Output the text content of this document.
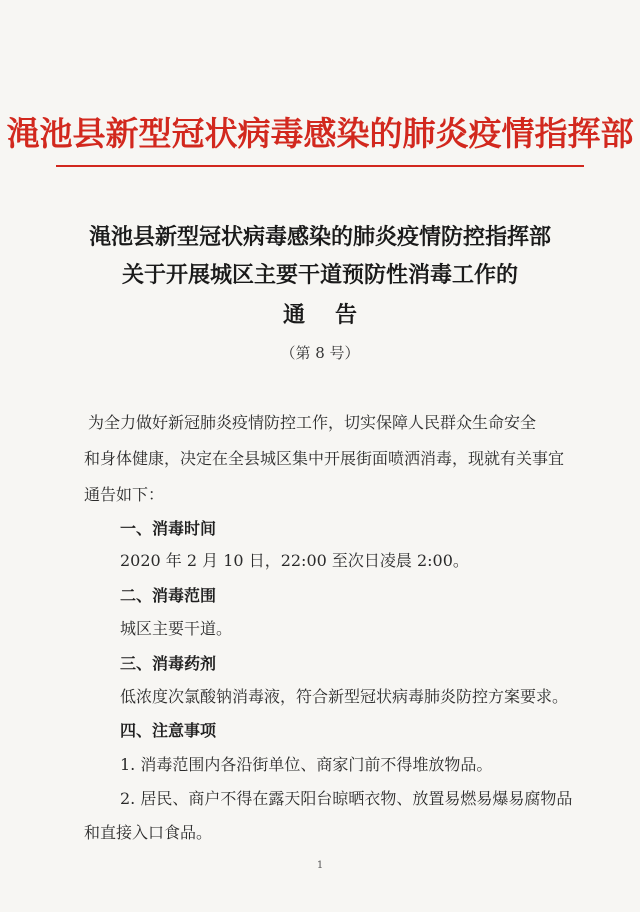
渑池县新型冠状病毒感染的肺炎疫情指挥部
渑池县新型冠状病毒感染的肺炎疫情防控指挥部
关于开展城区主要干道预防性消毒工作的
通告
（第 8 号）
为全力做好新冠肺炎疫情防控工作，切实保障人民群众生命安全
和身体健康，决定在全县城区集中开展街面喷洒消毒，现就有关事宜
通告如下：
一、消毒时间
2020 年 2 月 10 日，22:00 至次日凌晨 2:00。
二、消毒范围
城区主要干道。
三、消毒药剂
低浓度次氯酸钠消毒液，符合新型冠状病毒肺炎防控方案要求。
四、注意事项
1. 消毒范围内各沿街单位、商家门前不得堆放物品。
2. 居民、商户不得在露天阳台晾晒衣物、放置易燃易爆易腐物品
和直接入口食品。
1
